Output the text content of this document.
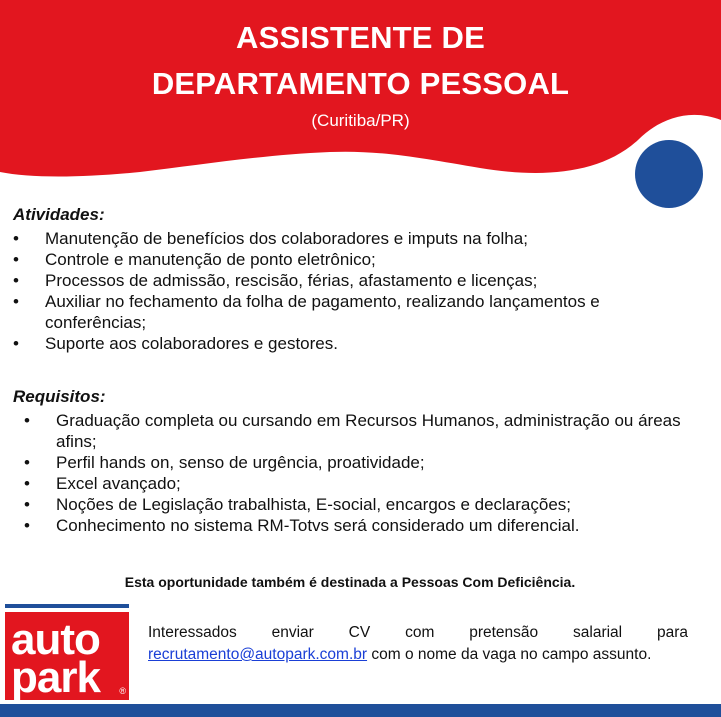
ASSISTENTE DE
DEPARTAMENTO PESSOAL
(Curitiba/PR)
Atividades:
• Manutenção de benefícios dos colaboradores e imputs na folha;
• Controle e manutenção de ponto eletrônico;
• Processos de admissão, rescisão, férias, afastamento e licenças;
• Auxiliar no fechamento da folha de pagamento, realizando lançamentos e conferências;
• Suporte aos colaboradores e gestores.
Requisitos:
• Graduação completa ou cursando em Recursos Humanos, administração ou áreas afins;
• Perfil hands on, senso de urgência, proatividade;
• Excel avançado;
• Noções de Legislação trabalhista, E-social, encargos e declarações;
• Conhecimento no sistema RM-Totvs será considerado um diferencial.
Esta oportunidade também é destinada a Pessoas Com Deficiência.
auto
park ®
Interessados enviar CV com pretensão salarial para recrutamento@autopark.com.br com o nome da vaga no campo assunto.
